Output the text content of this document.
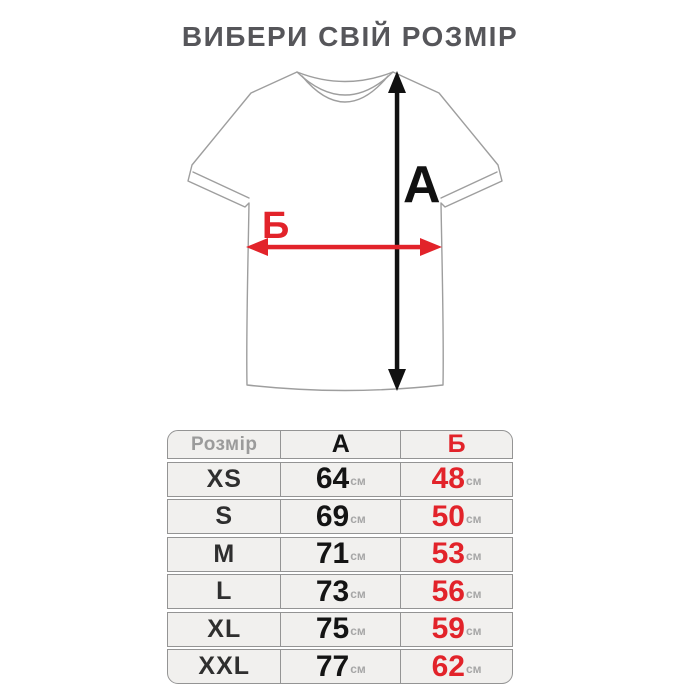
ВИБЕРИ СВІЙ РОЗМІР
А
Б
Розмір	А	Б
XS	64 см 48 см
S	69 см 50 см
M	71 см 53 см
L	73 см 56 см
XL	75 см 59 см
XXL	77 см 62 см
